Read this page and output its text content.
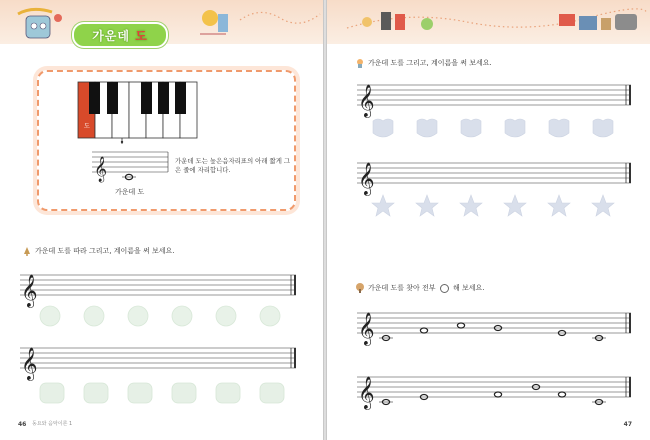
가운데 도
도
𝄞
가운데 도
가운데 도는 높은음자리표의 아래 짧게 그은 줄에 자리합니다.
가운데 도를 따라 그리고, 계이름을 써 보세요.
𝄞
𝄞
46 동요와 음악이론 1
가운데 도를 그리고, 계이름을 써 보세요.
𝄞
𝄞
가운데 도를 찾아 전부 ○ 해 보세요.
𝄞
𝄞
47
